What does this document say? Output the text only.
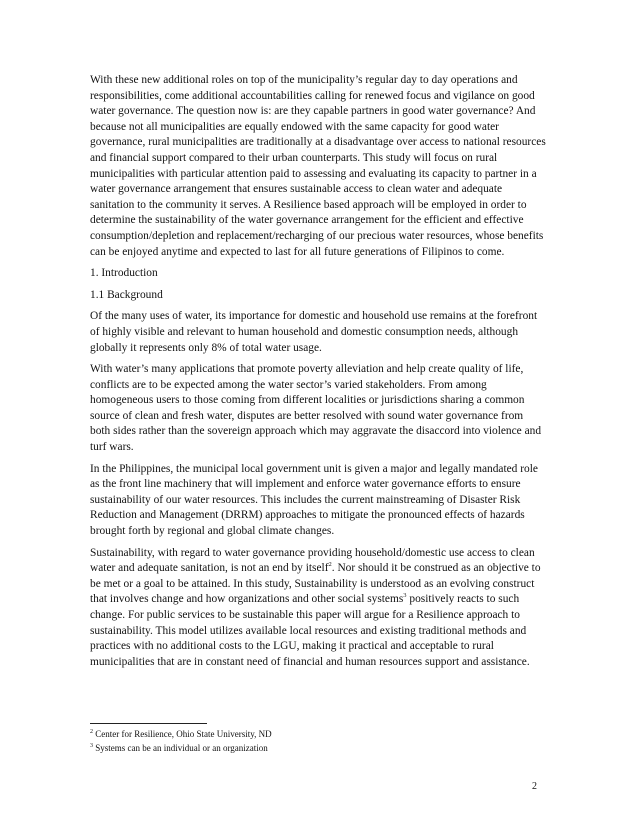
With these new additional roles on top of the municipality’s regular day to day operations and responsibilities, come additional accountabilities calling for renewed focus and vigilance on good water governance. The question now is: are they capable partners in good water governance? And because not all municipalities are equally endowed with the same capacity for good water governance, rural municipalities are traditionally at a disadvantage over access to national resources and financial support compared to their urban counterparts. This study will focus on rural municipalities with particular attention paid to assessing and evaluating its capacity to partner in a water governance arrangement that ensures sustainable access to clean water and adequate sanitation to the community it serves. A Resilience based approach will be employed in order to determine the sustainability of the water governance arrangement for the efficient and effective consumption/depletion and replacement/recharging of our precious water resources, whose benefits can be enjoyed anytime and expected to last for all future generations of Filipinos to come.

1. Introduction

1.1 Background

Of the many uses of water, its importance for domestic and household use remains at the forefront of highly visible and relevant to human household and domestic consumption needs, although globally it represents only 8% of total water usage.

With water’s many applications that promote poverty alleviation and help create quality of life, conflicts are to be expected among the water sector’s varied stakeholders. From among homogeneous users to those coming from different localities or jurisdictions sharing a common source of clean and fresh water, disputes are better resolved with sound water governance from both sides rather than the sovereign approach which may aggravate the disaccord into violence and turf wars.

In the Philippines, the municipal local government unit is given a major and legally mandated role as the front line machinery that will implement and enforce water governance efforts to ensure sustainability of our water resources. This includes the current mainstreaming of Disaster Risk Reduction and Management (DRRM) approaches to mitigate the pronounced effects of hazards brought forth by regional and global climate changes.

Sustainability, with regard to water governance providing household/domestic use access to clean water and adequate sanitation, is not an end by itself$^2$. Nor should it be construed as an objective to be met or a goal to be attained. In this study, Sustainability is understood as an evolving construct that involves change and how organizations and other social systems$^3$ positively reacts to such change. For public services to be sustainable this paper will argue for a Resilience approach to sustainability. This model utilizes available local resources and existing traditional methods and practices with no additional costs to the LGU, making it practical and acceptable to rural municipalities that are in constant need of financial and human resources support and assistance.

$^2$ Center for Resilience, Ohio State University, ND
$^3$ Systems can be an individual or an organization
2
